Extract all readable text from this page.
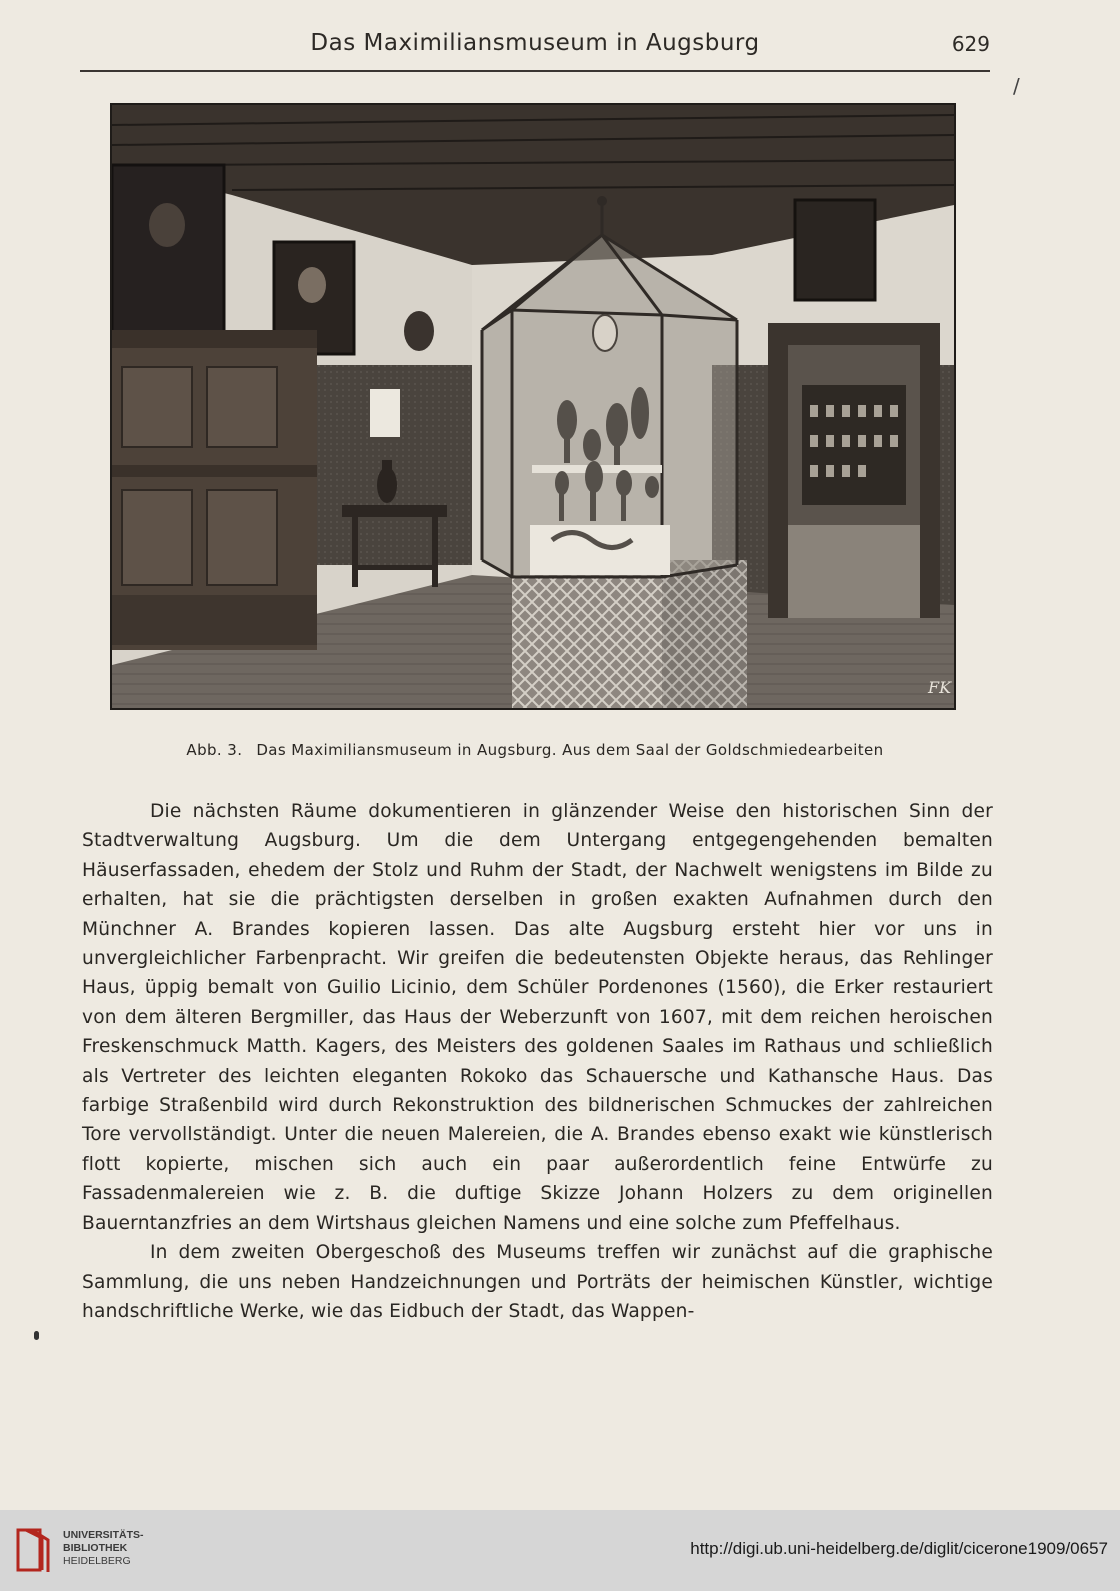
Das Maximiliansmuseum in Augsburg	629
/
FK
Abb. 3. Das Maximiliansmuseum in Augsburg. Aus dem Saal der Goldschmiedearbeiten

Die nächsten Räume dokumentieren in glänzender Weise den historischen Sinn der Stadtverwaltung Augsburg. Um die dem Untergang entgegengehenden bemalten Häuserfassaden, ehedem der Stolz und Ruhm der Stadt, der Nachwelt wenigstens im Bilde zu erhalten, hat sie die prächtigsten derselben in großen exakten Aufnahmen durch den Münchner A. Brandes kopieren lassen. Das alte Augsburg ersteht hier vor uns in unvergleichlicher Farbenpracht. Wir greifen die bedeutensten Objekte heraus, das Rehlinger Haus, üppig bemalt von Guilio Licinio, dem Schüler Pordenones (1560), die Erker restauriert von dem älteren Bergmiller, das Haus der Weberzunft von 1607, mit dem reichen heroischen Freskenschmuck Matth. Kagers, des Meisters des goldenen Saales im Rathaus und schließlich als Vertreter des leichten eleganten Rokoko das Schauersche und Kathansche Haus. Das farbige Straßenbild wird durch Rekonstruktion des bildnerischen Schmuckes der zahlreichen Tore vervollständigt. Unter die neuen Malereien, die A. Brandes ebenso exakt wie künstlerisch flott kopierte, mischen sich auch ein paar außerordentlich feine Entwürfe zu Fassadenmalereien wie z. B. die duftige Skizze Johann Holzers zu dem originellen Bauerntanzfries an dem Wirtshaus gleichen Namens und eine solche zum Pfeffelhaus.

In dem zweiten Obergeschoß des Museums treffen wir zunächst auf die graphische Sammlung, die uns neben Handzeichnungen und Porträts der heimischen Künstler, wichtige handschriftliche Werke, wie das Eidbuch der Stadt, das Wappen-

UNIVERSITÄTS-
BIBLIOTHEK
HEIDELBERG
http://digi.ub.uni-heidelberg.de/diglit/cicerone1909/0657
